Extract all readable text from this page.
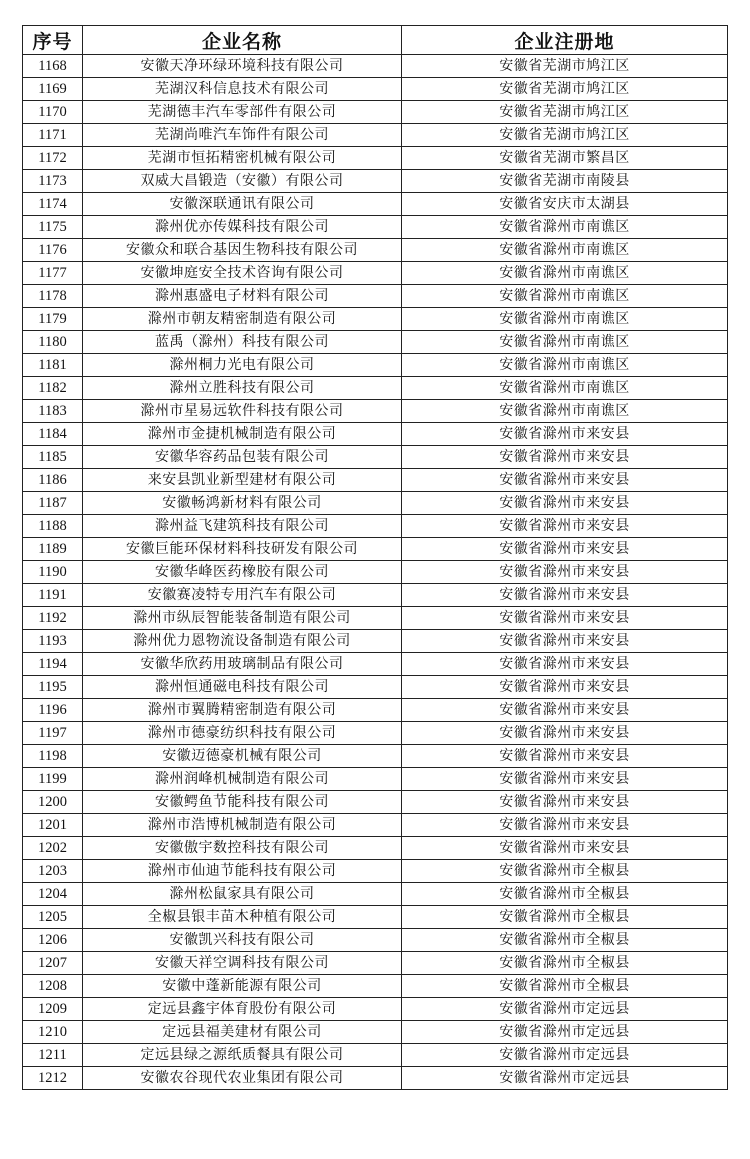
序号	企业名称	企业注册地
1168	安徽天净环绿环境科技有限公司	安徽省芜湖市鸠江区
1169	芜湖汉科信息技术有限公司	安徽省芜湖市鸠江区
1170	芜湖德丰汽车零部件有限公司	安徽省芜湖市鸠江区
1171	芜湖尚唯汽车饰件有限公司	安徽省芜湖市鸠江区
1172	芜湖市恒拓精密机械有限公司	安徽省芜湖市繁昌区
1173	双威大昌锻造（安徽）有限公司	安徽省芜湖市南陵县
1174	安徽深联通讯有限公司	安徽省安庆市太湖县
1175	滁州优亦传媒科技有限公司	安徽省滁州市南谯区
1176	安徽众和联合基因生物科技有限公司	安徽省滁州市南谯区
1177	安徽坤庭安全技术咨询有限公司	安徽省滁州市南谯区
1178	滁州惠盛电子材料有限公司	安徽省滁州市南谯区
1179	滁州市朝友精密制造有限公司	安徽省滁州市南谯区
1180	蓝禹（滁州）科技有限公司	安徽省滁州市南谯区
1181	滁州桐力光电有限公司	安徽省滁州市南谯区
1182	滁州立胜科技有限公司	安徽省滁州市南谯区
1183	滁州市星易远软件科技有限公司	安徽省滁州市南谯区
1184	滁州市金捷机械制造有限公司	安徽省滁州市来安县
1185	安徽华容药品包装有限公司	安徽省滁州市来安县
1186	来安县凯业新型建材有限公司	安徽省滁州市来安县
1187	安徽畅鸿新材料有限公司	安徽省滁州市来安县
1188	滁州益飞建筑科技有限公司	安徽省滁州市来安县
1189	安徽巨能环保材料科技研发有限公司	安徽省滁州市来安县
1190	安徽华峰医药橡胶有限公司	安徽省滁州市来安县
1191	安徽赛凌特专用汽车有限公司	安徽省滁州市来安县
1192	滁州市纵辰智能装备制造有限公司	安徽省滁州市来安县
1193	滁州优力恩物流设备制造有限公司	安徽省滁州市来安县
1194	安徽华欣药用玻璃制品有限公司	安徽省滁州市来安县
1195	滁州恒通磁电科技有限公司	安徽省滁州市来安县
1196	滁州市翼腾精密制造有限公司	安徽省滁州市来安县
1197	滁州市德豪纺织科技有限公司	安徽省滁州市来安县
1198	安徽迈德豪机械有限公司	安徽省滁州市来安县
1199	滁州润峰机械制造有限公司	安徽省滁州市来安县
1200	安徽鳄鱼节能科技有限公司	安徽省滁州市来安县
1201	滁州市浩博机械制造有限公司	安徽省滁州市来安县
1202	安徽傲宇数控科技有限公司	安徽省滁州市来安县
1203	滁州市仙迪节能科技有限公司	安徽省滁州市全椒县
1204	滁州松鼠家具有限公司	安徽省滁州市全椒县
1205	全椒县银丰苗木种植有限公司	安徽省滁州市全椒县
1206	安徽凯兴科技有限公司	安徽省滁州市全椒县
1207	安徽天祥空调科技有限公司	安徽省滁州市全椒县
1208	安徽中蓬新能源有限公司	安徽省滁州市全椒县
1209	定远县鑫宇体育股份有限公司	安徽省滁州市定远县
1210	定远县福美建材有限公司	安徽省滁州市定远县
1211	定远县绿之源纸质餐具有限公司	安徽省滁州市定远县
1212	安徽农谷现代农业集团有限公司	安徽省滁州市定远县
